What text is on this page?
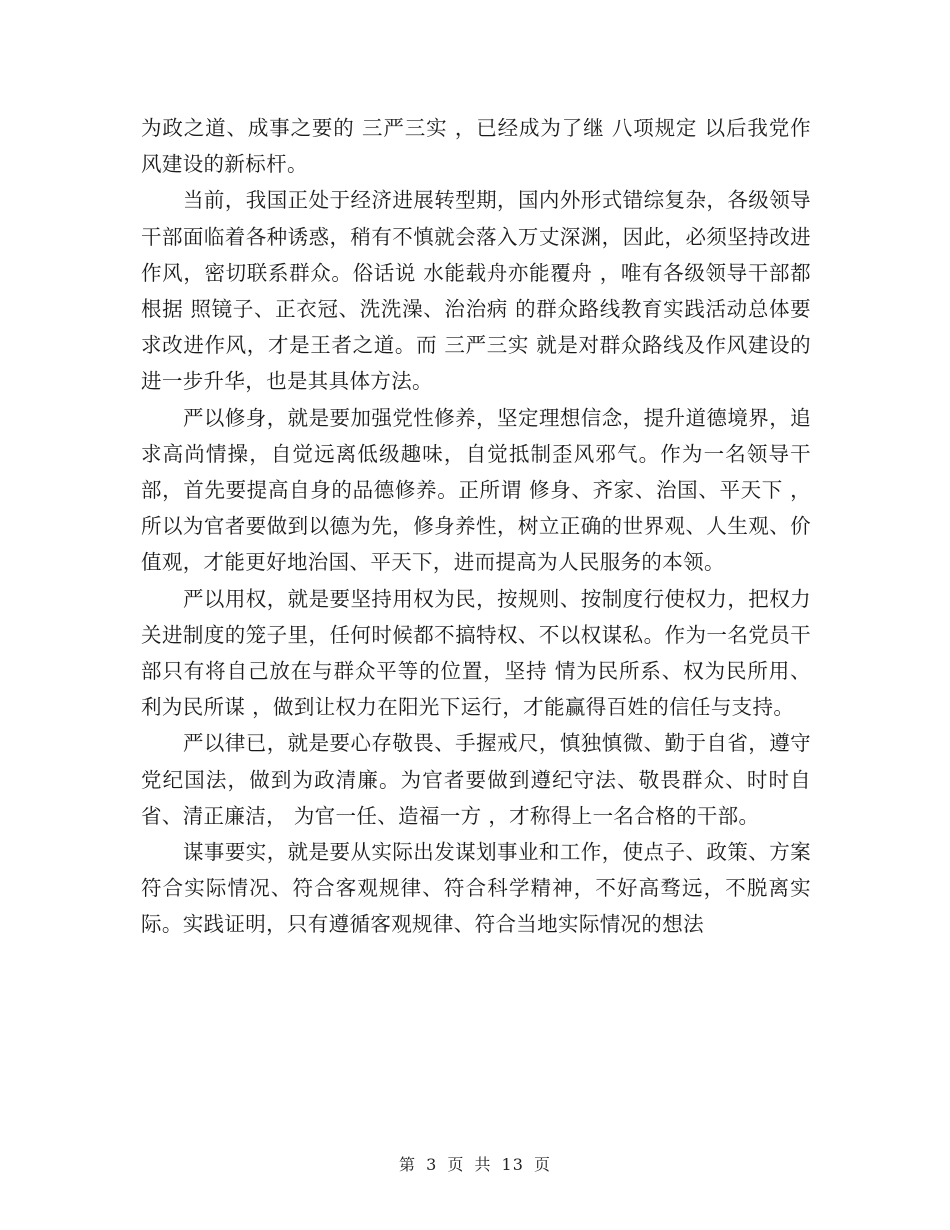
为政之道、成事之要的 三严三实 ，已经成为了继 八项规定 以后我党作风建设的新标杆。

当前，我国正处于经济进展转型期，国内外形式错综复杂，各级领导干部面临着各种诱惑，稍有不慎就会落入万丈深渊，因此，必须坚持改进作风，密切联系群众。俗话说 水能载舟亦能覆舟 ，唯有各级领导干部都根据 照镜子、正衣冠、洗洗澡、治治病 的群众路线教育实践活动总体要求改进作风，才是王者之道。而 三严三实 就是对群众路线及作风建设的进一步升华，也是其具体方法。

严以修身，就是要加强党性修养，坚定理想信念，提升道德境界，追求高尚情操，自觉远离低级趣味，自觉抵制歪风邪气。作为一名领导干部，首先要提高自身的品德修养。正所谓 修身、齐家、治国、平天下 ，所以为官者要做到以德为先，修身养性，树立正确的世界观、人生观、价值观，才能更好地治国、平天下，进而提高为人民服务的本领。

严以用权，就是要坚持用权为民，按规则、按制度行使权力，把权力关进制度的笼子里，任何时候都不搞特权、不以权谋私。作为一名党员干部只有将自己放在与群众平等的位置，坚持 情为民所系、权为民所用、利为民所谋 ，做到让权力在阳光下运行，才能赢得百姓的信任与支持。

严以律已，就是要心存敬畏、手握戒尺，慎独慎微、勤于自省，遵守党纪国法，做到为政清廉。为官者要做到遵纪守法、敬畏群众、时时自省、清正廉洁， 为官一任、造福一方 ，才称得上一名合格的干部。

谋事要实，就是要从实际出发谋划事业和工作，使点子、政策、方案符合实际情况、符合客观规律、符合科学精神，不好高骛远，不脱离实际。实践证明，只有遵循客观规律、符合当地实际情况的想法

第 3 页 共 13 页
